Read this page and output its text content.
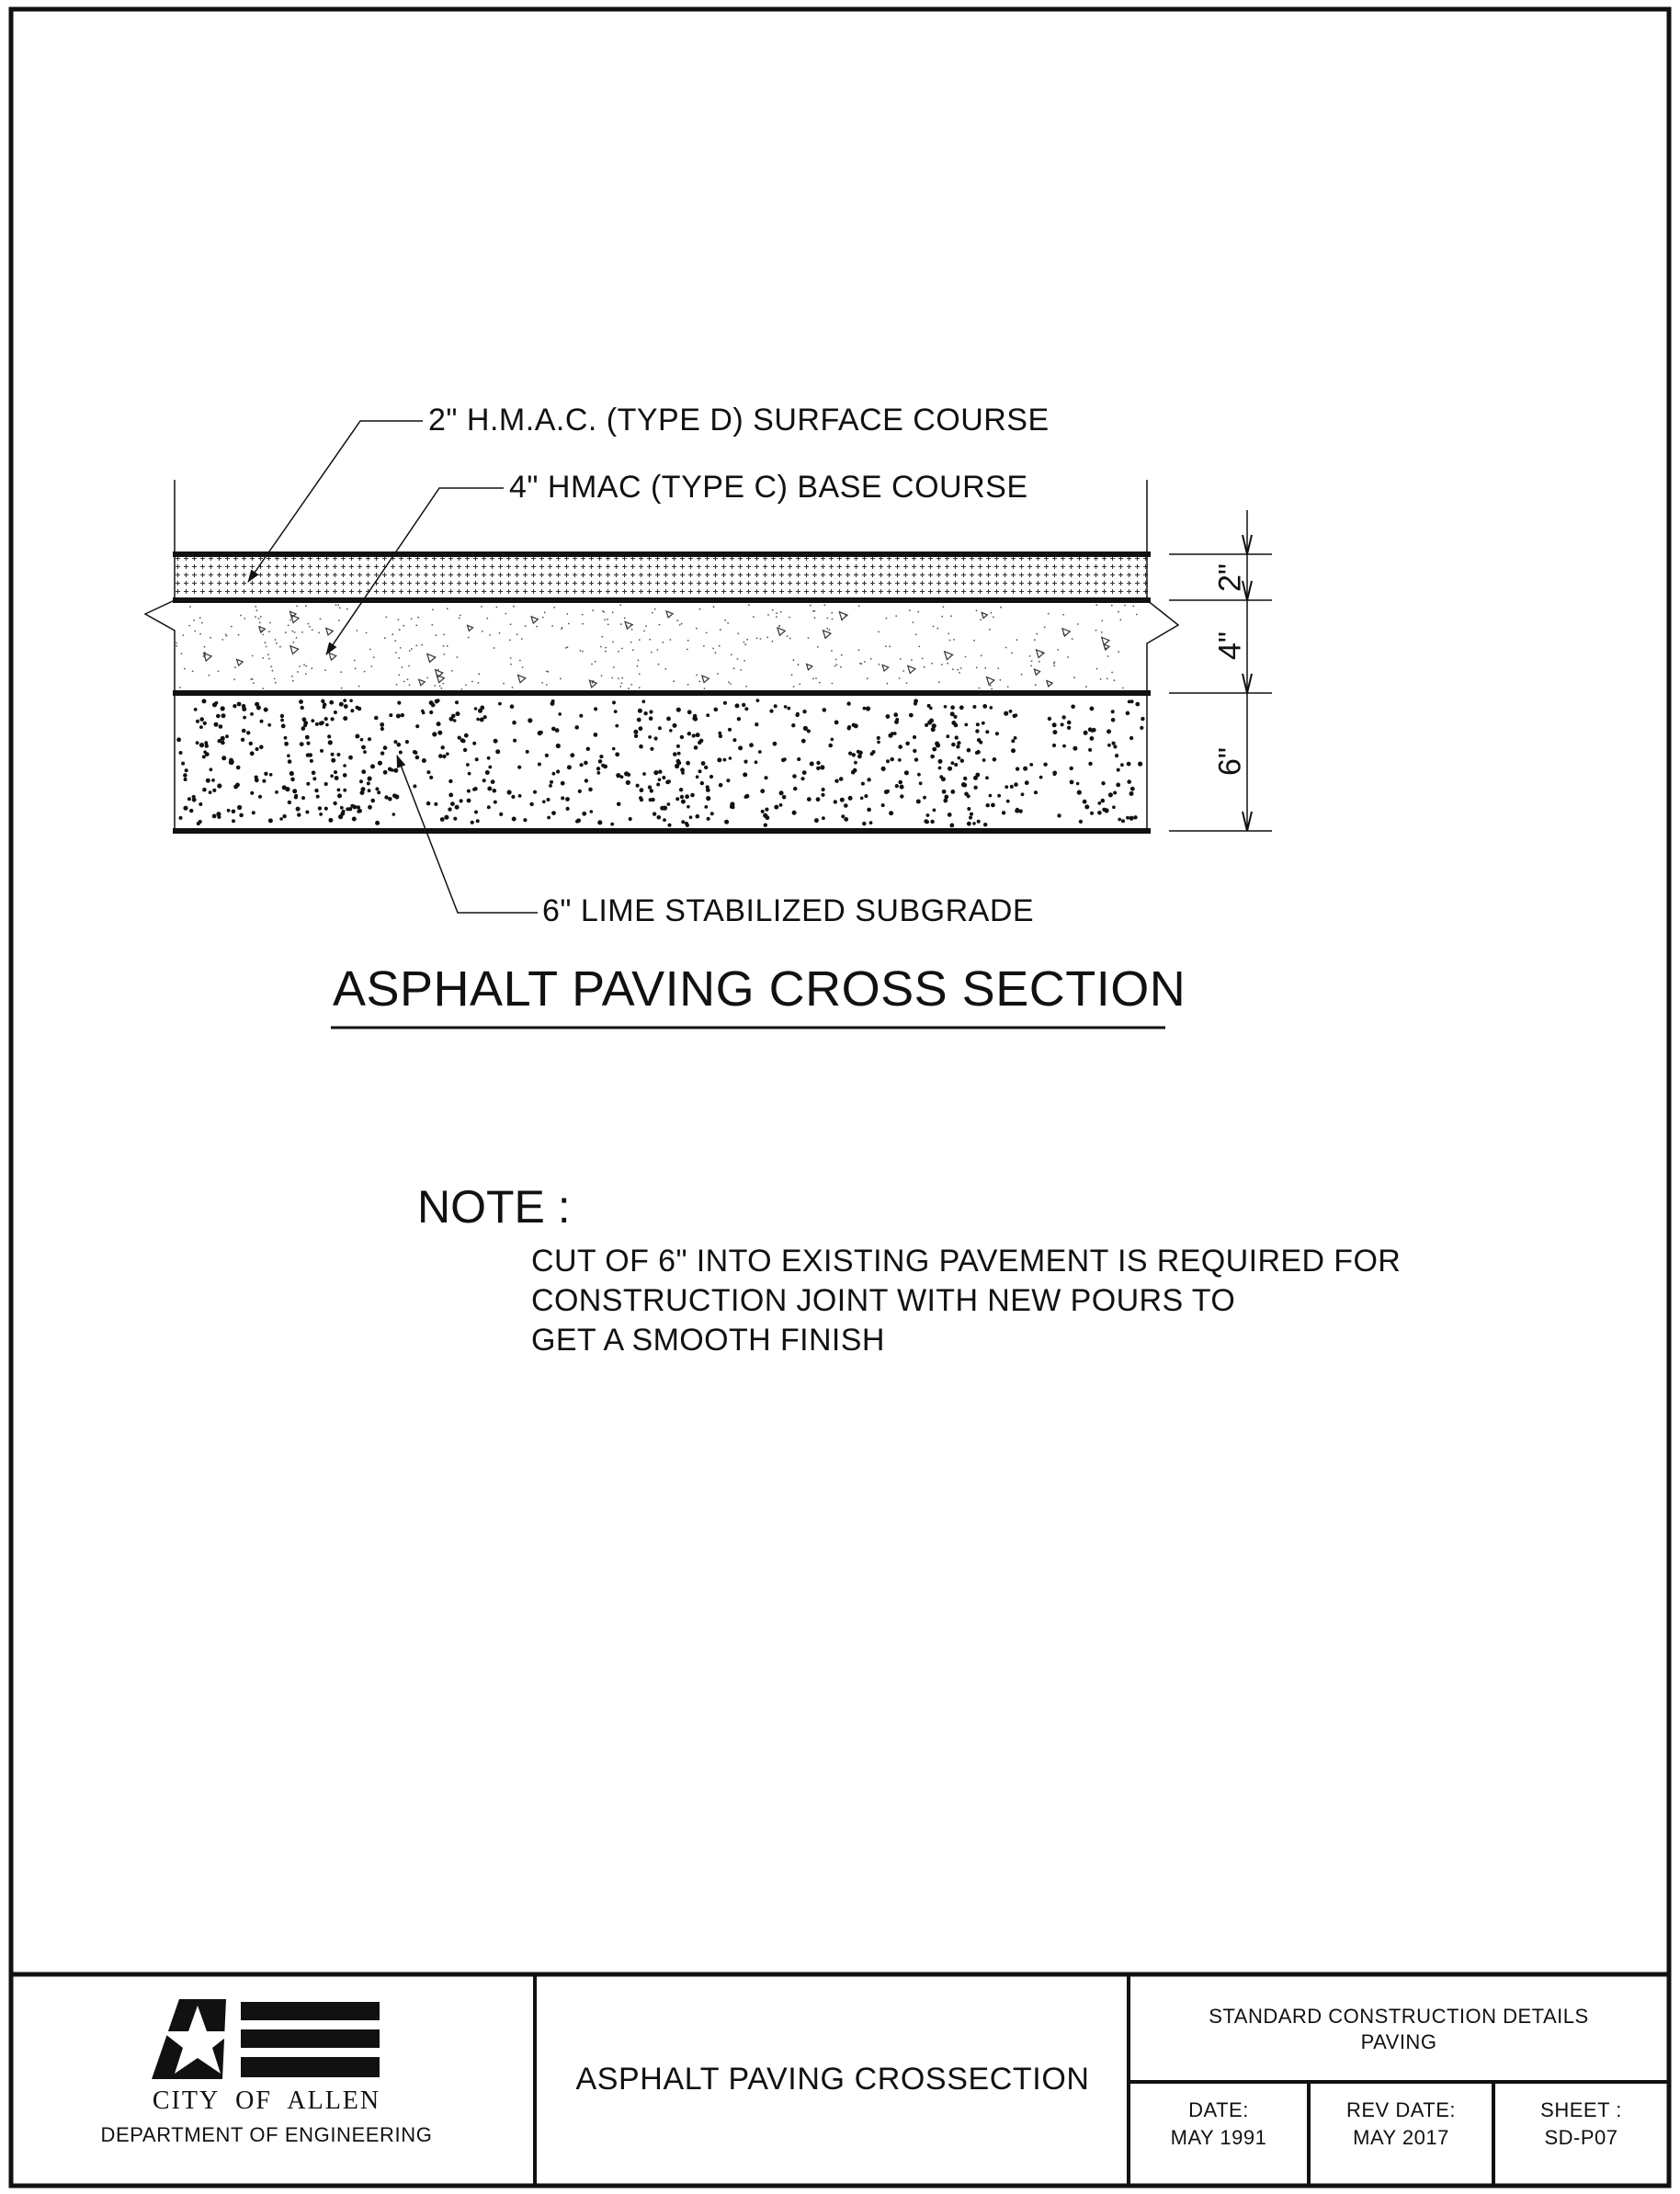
2" H.M.A.C. (TYPE D) SURFACE COURSE
4" HMAC (TYPE C) BASE COURSE
6" LIME STABILIZED SUBGRADE
2"
4"
6"
ASPHALT PAVING CROSS SECTION
NOTE :
CUT OF 6" INTO EXISTING PAVEMENT IS REQUIRED FOR
CONSTRUCTION JOINT WITH NEW POURS TO
GET A SMOOTH FINISH
CITY  OF  ALLEN
DEPARTMENT OF ENGINEERING
ASPHALT PAVING CROSSECTION
STANDARD CONSTRUCTION DETAILS
PAVING
DATE:
MAY 1991
REV DATE:
MAY 2017
SHEET :
SD-P07
